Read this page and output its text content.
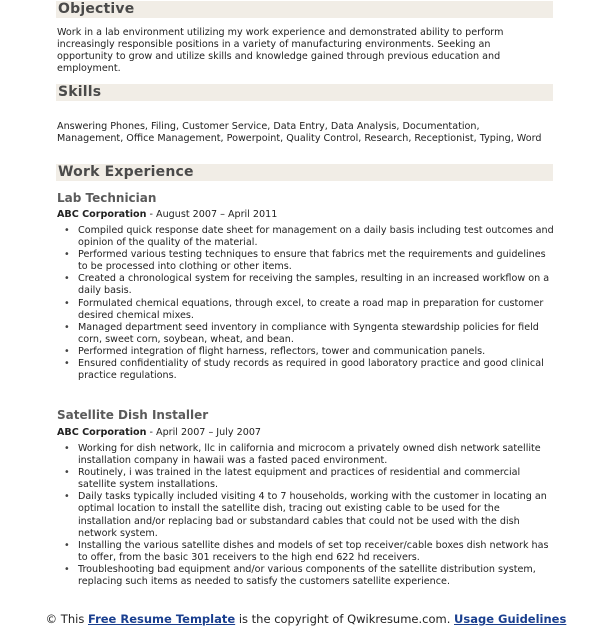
Objective
Work in a lab environment utilizing my work experience and demonstrated ability to perform increasingly responsible positions in a variety of manufacturing environments. Seeking an opportunity to grow and utilize skills and knowledge gained through previous education and employment.
Skills
Answering Phones, Filing, Customer Service, Data Entry, Data Analysis, Documentation, Management, Office Management, Powerpoint, Quality Control, Research, Receptionist, Typing, Word
Work Experience
Lab Technician
ABC Corporation - August 2007 – April 2011
• Compiled quick response date sheet for management on a daily basis including test outcomes and opinion of the quality of the material.
• Performed various testing techniques to ensure that fabrics met the requirements and guidelines to be processed into clothing or other items.
• Created a chronological system for receiving the samples, resulting in an increased workflow on a daily basis.
• Formulated chemical equations, through excel, to create a road map in preparation for customer desired chemical mixes.
• Managed department seed inventory in compliance with Syngenta stewardship policies for field corn, sweet corn, soybean, wheat, and bean.
• Performed integration of flight harness, reflectors, tower and communication panels.
• Ensured confidentiality of study records as required in good laboratory practice and good clinical practice regulations.
Satellite Dish Installer
ABC Corporation - April 2007 – July 2007
• Working for dish network, llc in california and microcom a privately owned dish network satellite installation company in hawaii was a fasted paced environment.
• Routinely, i was trained in the latest equipment and practices of residential and commercial satellite system installations.
• Daily tasks typically included visiting 4 to 7 households, working with the customer in locating an optimal location to install the satellite dish, tracing out existing cable to be used for the installation and/or replacing bad or substandard cables that could not be used with the dish network system.
• Installing the various satellite dishes and models of set top receiver/cable boxes dish network has to offer, from the basic 301 receivers to the high end 622 hd receivers.
• Troubleshooting bad equipment and/or various components of the satellite distribution system, replacing such items as needed to satisfy the customers satellite experience.
© This Free Resume Template is the copyright of Qwikresume.com. Usage Guidelines
